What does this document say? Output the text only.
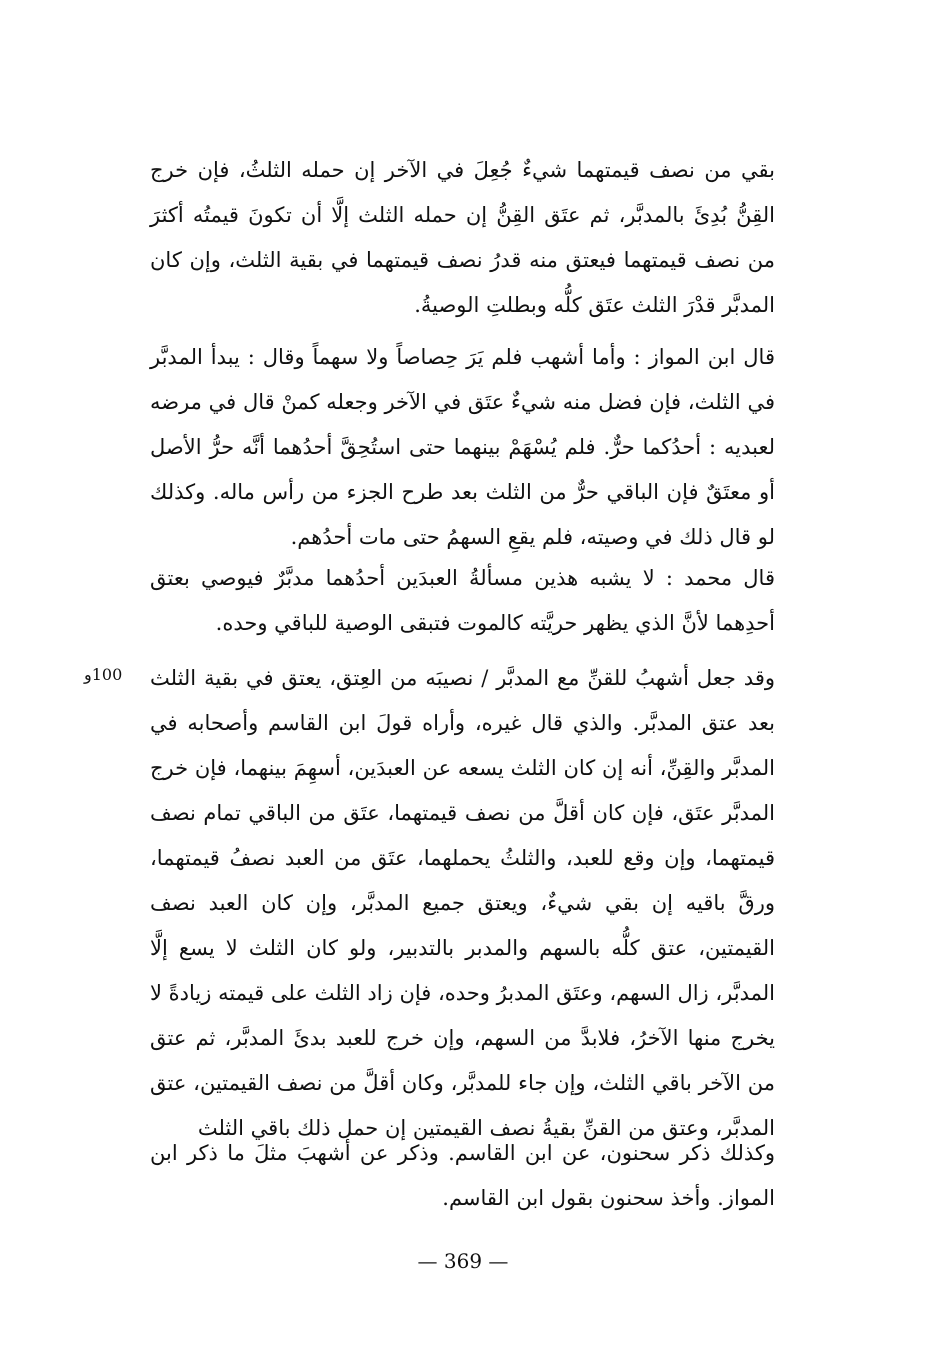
بقي من نصف قيمتهما شيءٌ جُعِلَ في الآخر إن حمله الثلثُ، فإن خرج القِنُّ بُدِئَ بالمدبَّر، ثم عتَق القِنُّ إن حمله الثلث إلَّا أن تكونَ قيمتُه أكثرَ من نصف قيمتهما فيعتق منه قدرُ نصف قيمتهما في بقية الثلث، وإن كان المدبَّر قدْرَ الثلث عتَق كلُّه وبطلتِ الوصيةُ.

قال ابن المواز : وأما أشهب فلم يَرَ حِصاصاً ولا سهماً وقال : يبدأ المدبَّر في الثلث، فإن فضل منه شيءٌ عتَق في الآخر وجعله كمنْ قال في مرضه لعبديه : أحدُكما حرٌّ. فلم يُسْهَمْ بينهما حتى استُحِقَّ أحدُهما أنَّه حرُّ الأصل أو معتَقٌ فإن الباقي حرٌّ من الثلث بعد طرح الجزء من رأس ماله. وكذلك لو قال ذلك في وصيته، فلم يقعِ السهمُ حتى مات أحدُهم.

قال محمد : لا يشبه هذين مسألةُ العبدَين أحدُهما مدبَّرٌ فيوصي بعتق أحدِهما لأنَّ الذي يظهر حريَّته كالموت فتبقى الوصية للباقي وحده.

100و وقد جعل أشهبُ للقنِّ مع المدبَّر / نصيبَه من العِتق، يعتق في بقية الثلث بعد عتق المدبَّر. والذي قال غيره، وأراه قولَ ابن القاسم وأصحابه في المدبَّر والقِنِّ، أنه إن كان الثلث يسعه عن العبدَين، أسهِمَ بينهما، فإن خرج المدبَّر عتَق، فإن كان أقلَّ من نصف قيمتهما، عتَق من الباقي تمام نصف قيمتهما، وإن وقع للعبد، والثلثُ يحملهما، عتَق من العبد نصفُ قيمتهما، ورقَّ باقيه إن بقي شيءٌ، ويعتق جميع المدبَّر، وإن كان العبد نصف القيمتين، عتق كلُّه بالسهم والمدبر بالتدبير، ولو كان الثلث لا يسع إلَّا المدبَّر، زال السهم، وعتَق المدبرُ وحده، فإن زاد الثلث على قيمته زيادةً لا يخرج منها الآخرُ، فلابدَّ من السهم، وإن خرج للعبد بدئَ المدبَّر، ثم عتق من الآخر باقي الثلث، وإن جاء للمدبَّر، وكان أقلَّ من نصف القيمتين، عتق المدبَّر، وعتق من القنِّ بقيةُ نصف القيمتين إن حمل ذلك باقي الثلث

وكذلك ذكر سحنون، عن ابن القاسم. وذكر عن أشهبَ مثلَ ما ذكر ابن المواز. وأخذ سحنون بقول ابن القاسم.

— 369 —
